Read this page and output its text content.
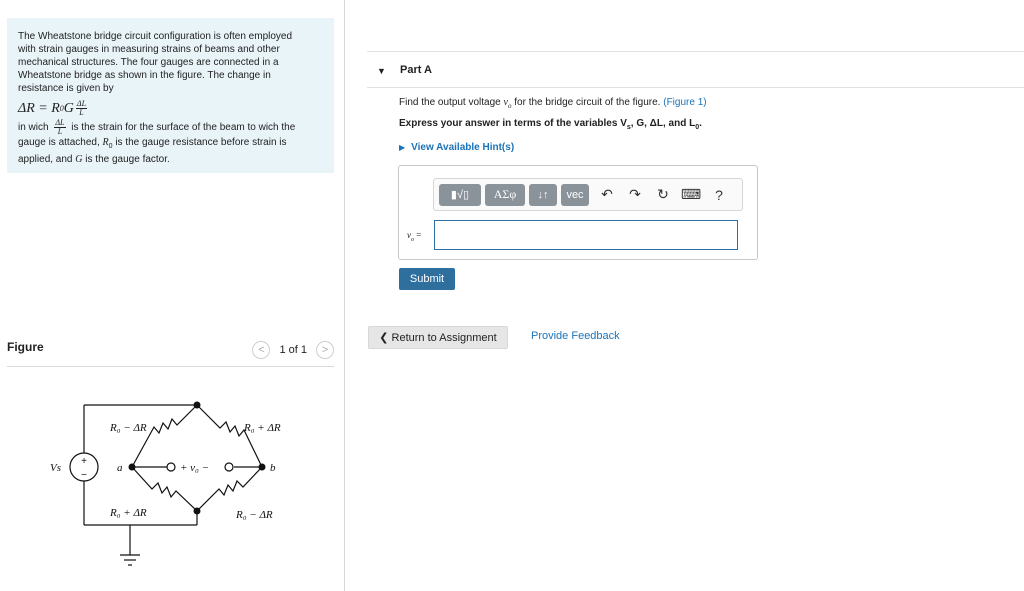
The Wheatstone bridge circuit configuration is often employed

with strain gauges in measuring strains of beams and other

mechanical structures. The four gauges are connected in a

Wheatstone bridge as shown in the figure. The change in

resistance is given by

ΔR = R 0 G $\frac{\Delta L}{L}$

in wich $\frac{\Delta L}{L}$ is the strain for the surface of the beam to wich the

gauge is attached, $R_0$ is the gauge resistance before strain is

applied, and G is the gauge factor.

Figure	<	1 of 1	>
R₀ − ΔR	R₀ + ΔR
R₀ + ΔR	R₀ − ΔR
Vs	a	b
+ v₀ −
+
−
▼ Part A
Find the output voltage $v_o$ for the bridge circuit of the figure. (Figure 1)
Express your answer in terms of the variables $V_s$, G, ΔL, and $L_0$.
▶ View Available Hint(s)
▮√▯	ΑΣφ	↓↑	vec	↶	↷	↻ ⌨ ?
$v_o$ =
Submit
❮ Return to Assignment	Provide Feedback
